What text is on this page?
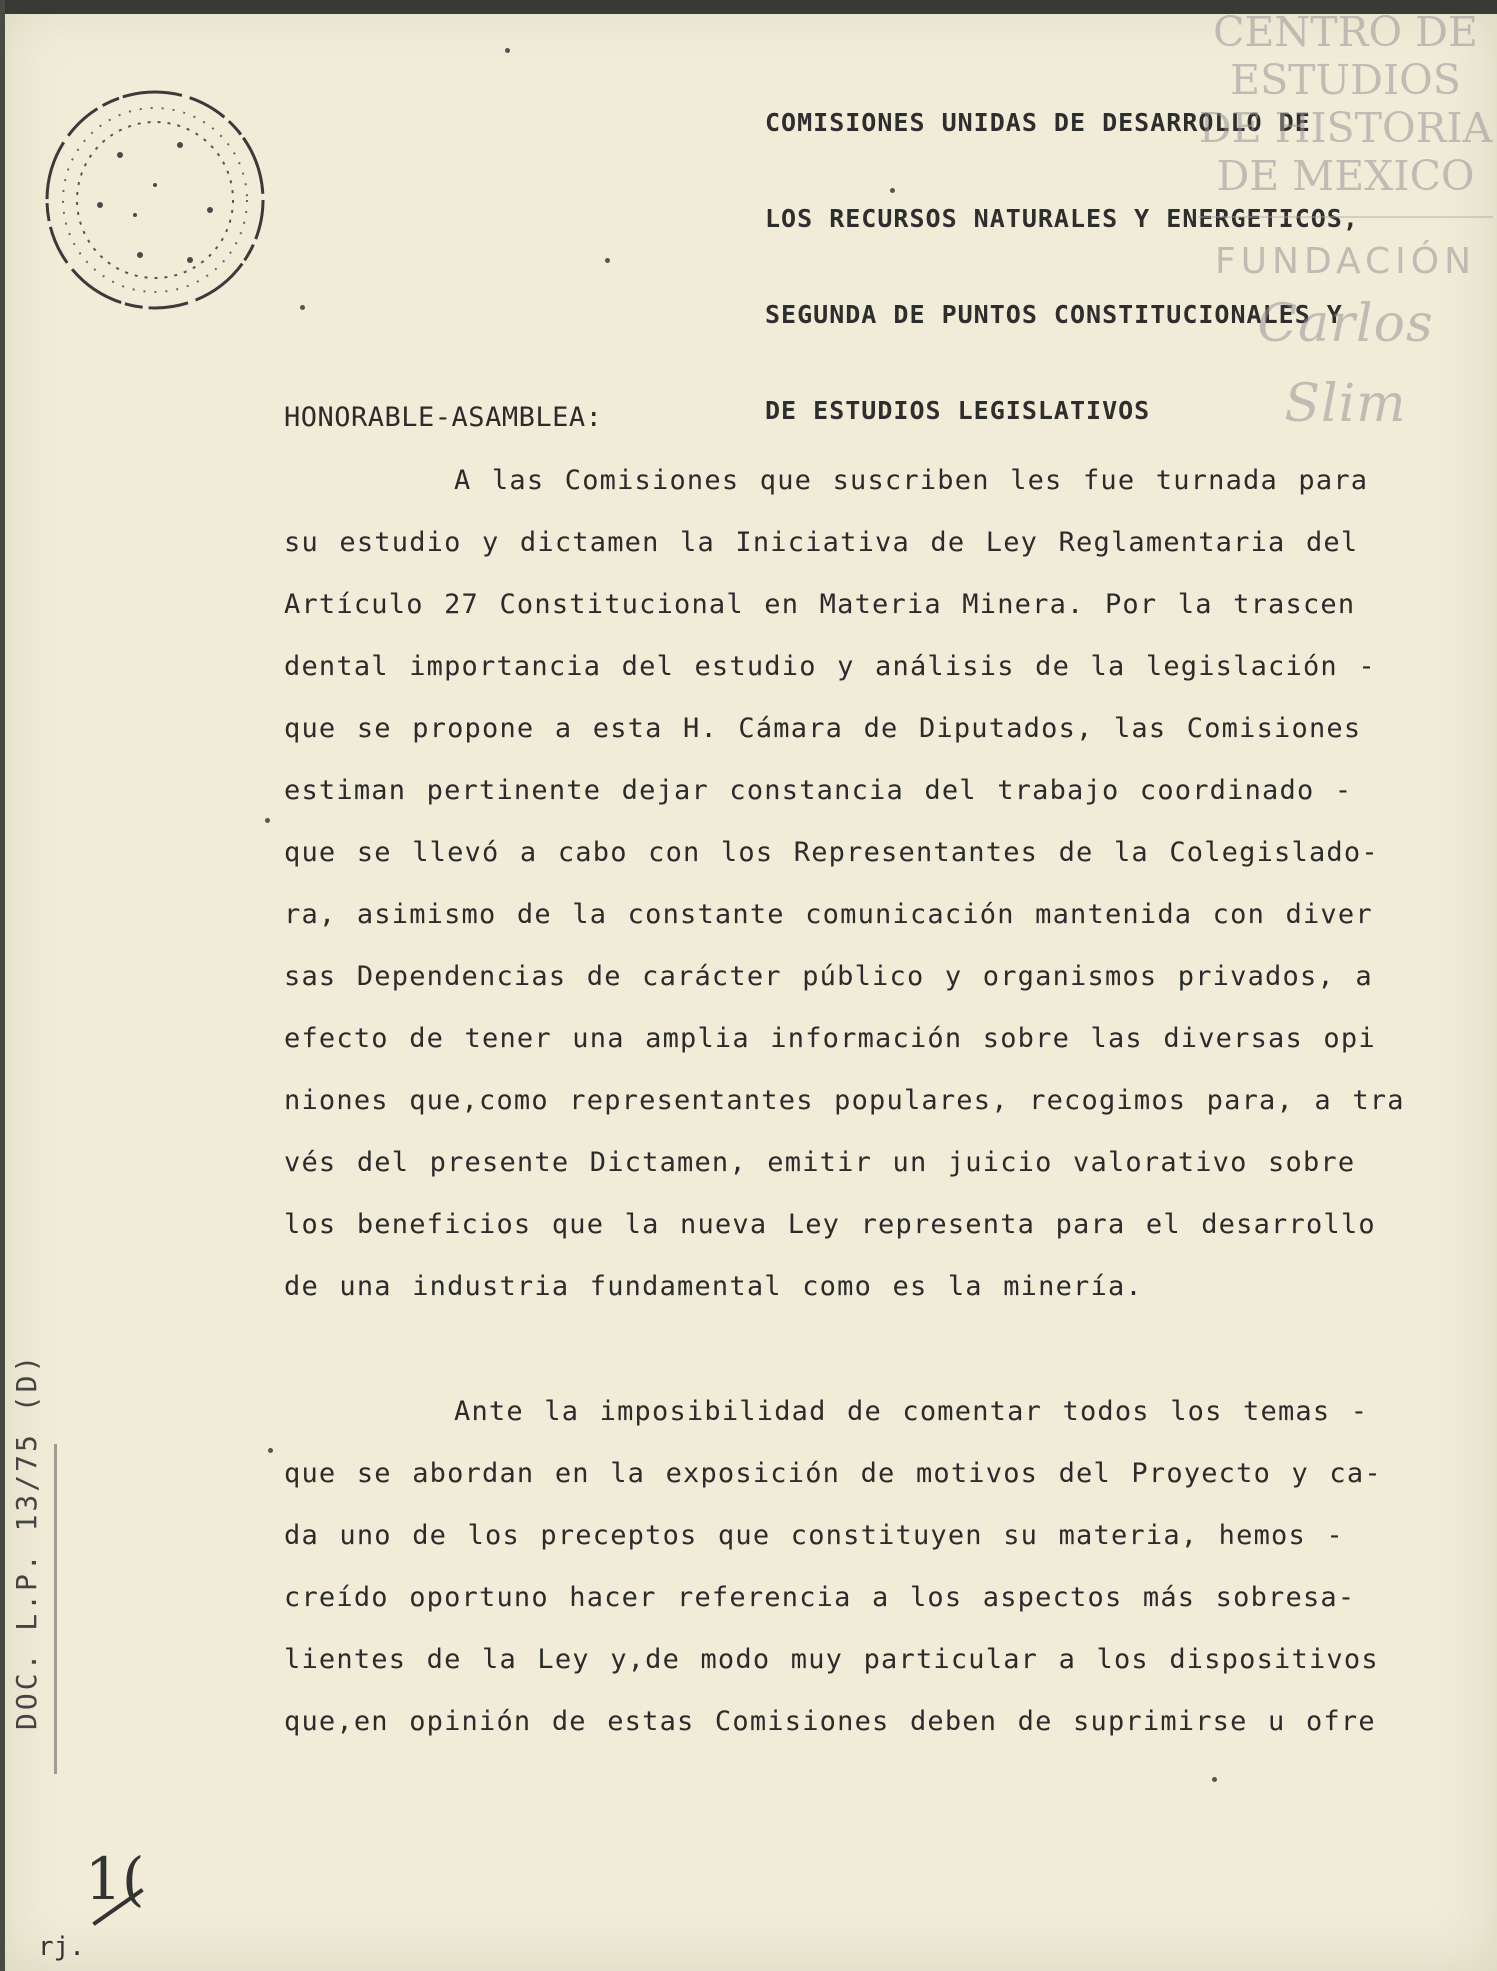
COMISIONES UNIDAS DE DESARROLLO DE

LOS RECURSOS NATURALES Y ENERGETICOS,

SEGUNDA DE PUNTOS CONSTITUCIONALES Y

DE ESTUDIOS LEGISLATIVOS

CENTRO DE
ESTUDIOS
DE HISTORIA
DE MEXICO
FUNDACIÓN
Carlos Slim
HONORABLE-ASAMBLEA:
A las Comisiones que suscriben les fue turnada para
su estudio y dictamen la Iniciativa de Ley Reglamentaria del
Artículo 27 Constitucional en Materia Minera. Por la trascen
dental importancia del estudio y análisis de la legislación -
que se propone a esta H. Cámara de Diputados, las Comisiones
estiman pertinente dejar constancia del trabajo coordinado -
que se llevó a cabo con los Representantes de la Colegislado-
ra, asimismo de la constante comunicación mantenida con diver
sas Dependencias de carácter público y organismos privados, a
efecto de tener una amplia información sobre las diversas opi
niones que,como representantes populares, recogimos para, a tra
vés del presente Dictamen, emitir un juicio valorativo sobre
los beneficios que la nueva Ley representa para el desarrollo
de una industria fundamental como es la minería.
Ante la imposibilidad de comentar todos los temas -
que se abordan en la exposición de motivos del Proyecto y ca-
da uno de los preceptos que constituyen su materia, hemos -
creído oportuno hacer referencia a los aspectos más sobresa-
lientes de la Ley y,de modo muy particular a los dispositivos
que,en opinión de estas Comisiones deben de suprimirse u ofre
DOC. L.P. 13/75 (D)
1(
rj.
